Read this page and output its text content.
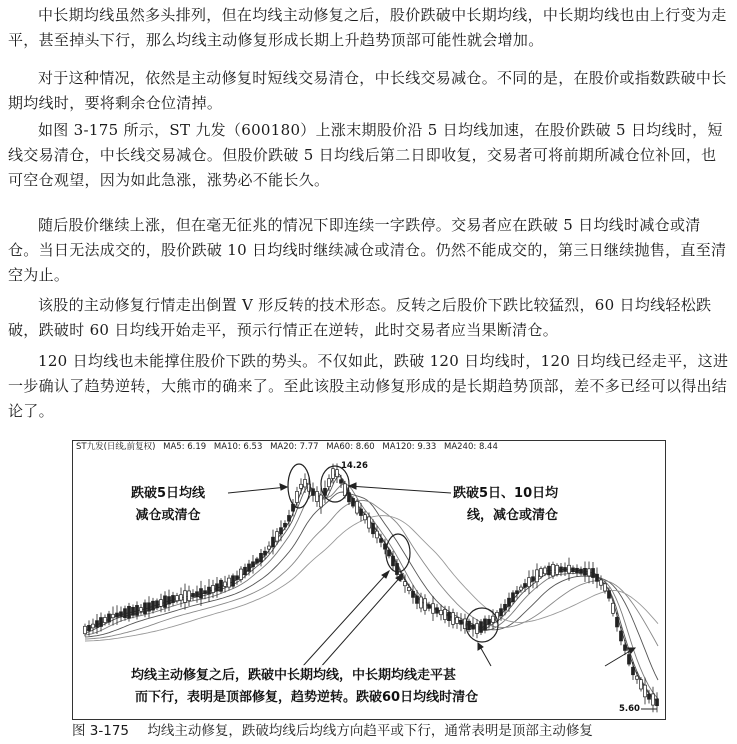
中长期均线虽然多头排列，但在均线主动修复之后，股价跌破中长期均线，中长期均线也由上行变为走平，甚至掉头下行，那么均线主动修复形成长期上升趋势顶部可能性就会增加。

对于这种情况，依然是主动修复时短线交易清仓，中长线交易减仓。不同的是，在股价或指数跌破中长期均线时，要将剩余仓位清掉。

如图 3-175 所示，ST 九发（600180）上涨末期股价沿 5 日均线加速，在股价跌破 5 日均线时，短线交易清仓，中长线交易减仓。但股价跌破 5 日均线后第二日即收复，交易者可将前期所减仓位补回，也可空仓观望，因为如此急涨，涨势必不能长久。

随后股价继续上涨，但在毫无征兆的情况下即连续一字跌停。交易者应在跌破 5 日均线时减仓或清仓。当日无法成交的，股价跌破 10 日均线时继续减仓或清仓。仍然不能成交的，第三日继续抛售，直至清空为止。

该股的主动修复行情走出倒置 V 形反转的技术形态。反转之后股价下跌比较猛烈，60 日均线轻松跌破，跌破时 60 日均线开始走平，预示行情正在逆转，此时交易者应当果断清仓。

120 日均线也未能撑住股价下跌的势头。不仅如此，跌破 120 日均线时，120 日均线已经走平，这进一步确认了趋势逆转，大熊市的确来了。至此该股主动修复形成的是长期趋势顶部，差不多已经可以得出结论了。

ST九发(日线,前复权) MA5: 6.19 MA10: 6.53 MA20: 7.77 MA60: 8.60 MA120: 9.33 MA240: 8.44
14.26
5.60
跌破5日均线
减仓或清仓
跌破5日、10日均
线，减仓或清仓
均线主动修复之后，跌破中长期均线，中长期均线走平甚
而下行，表明是顶部修复，趋势逆转。跌破60日均线时清仓
图 3-175 均线主动修复，跌破均线后均线方向趋平或下行，通常表明是顶部主动修复
